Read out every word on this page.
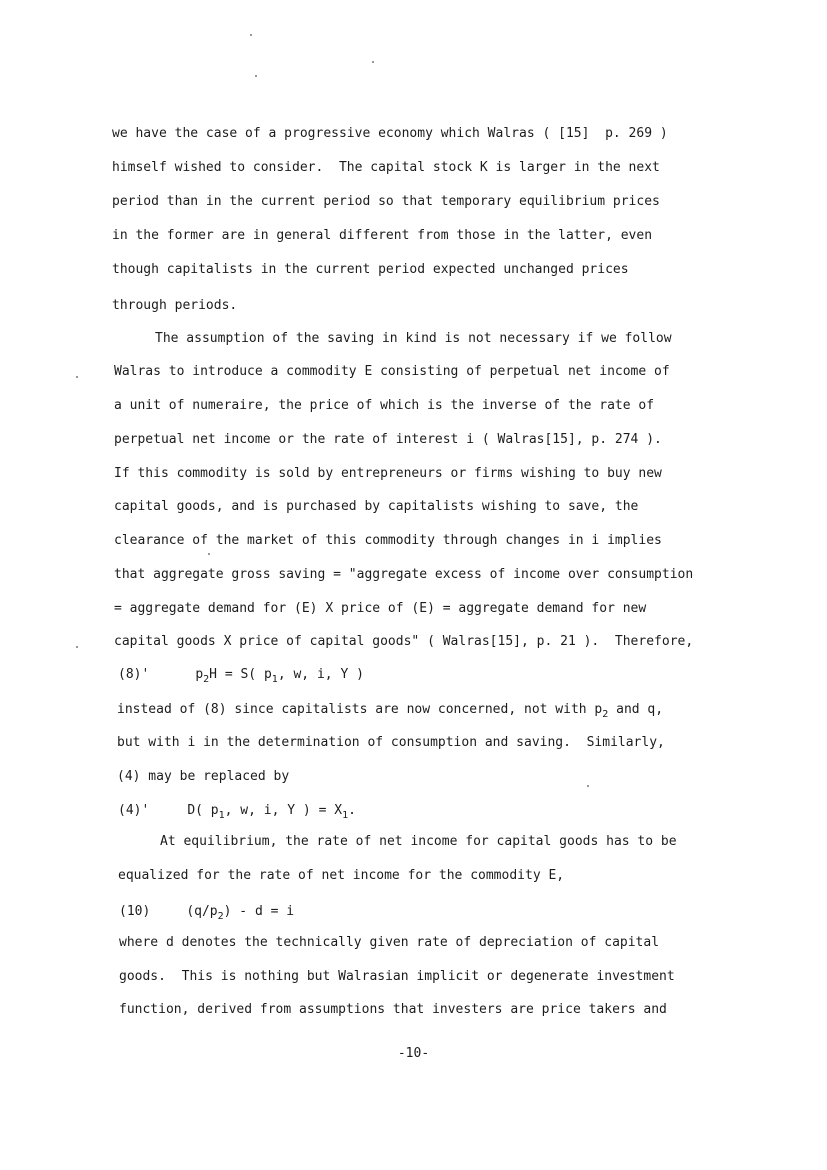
we have the case of a progressive economy which Walras ( [15]  p. 269 )

himself wished to consider.  The capital stock K is larger in the next

period than in the current period so that temporary equilibrium prices

in the former are in general different from those in the latter, even

though capitalists in the current period expected unchanged prices

through periods.

The assumption of the saving in kind is not necessary if we follow

Walras to introduce a commodity E consisting of perpetual net income of

a unit of numeraire, the price of which is the inverse of the rate of

perpetual net income or the rate of interest i ( Walras[15], p. 274 ).

If this commodity is sold by entrepreneurs or firms wishing to buy new

capital goods, and is purchased by capitalists wishing to save, the

clearance of the market of this commodity through changes in i implies

that aggregate gross saving = "aggregate excess of income over consumption

= aggregate demand for (E) X price of (E) = aggregate demand for new

capital goods X price of capital goods" ( Walras[15], p. 21 ).  Therefore,

(8)'	$p_2H = S$( $p_1$, w, i, Y )

instead of (8) since capitalists are now concerned, not with $p_2$ and q,

but with i in the determination of consumption and saving.  Similarly,

(4) may be replaced by

(4)'	D( $p_1$, w, i, Y ) = $X_1$.

At equilibrium, the rate of net income for capital goods has to be

equalized for the rate of net income for the commodity E,

(10)	$(q/p_2) - d = i$

where d denotes the technically given rate of depreciation of capital

goods.  This is nothing but Walrasian implicit or degenerate investment

function, derived from assumptions that investers are price takers and

-10-
